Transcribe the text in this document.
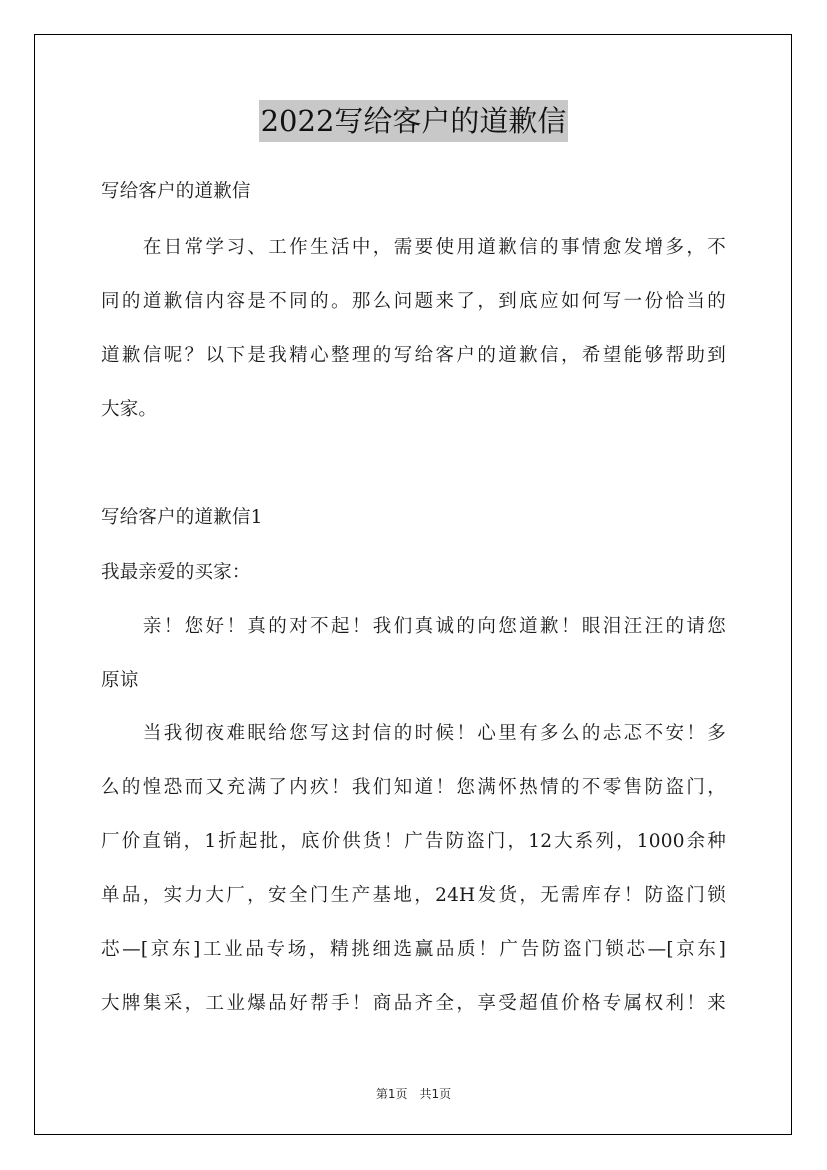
2022写给客户的道歉信
写给客户的道歉信
　　在日常学习、工作生活中，需要使用道歉信的事情愈发增多，不
同的道歉信内容是不同的。那么问题来了，到底应如何写一份恰当的
道歉信呢？以下是我精心整理的写给客户的道歉信，希望能够帮助到
大家。
写给客户的道歉信1
我最亲爱的买家：
　　亲！您好！真的对不起！我们真诚的向您道歉！眼泪汪汪的请您
原谅
　　当我彻夜难眠给您写这封信的时候！心里有多么的忐忑不安！多
么的惶恐而又充满了内疚！我们知道！您满怀热情的不零售防盗门，
厂价直销，1折起批，底价供货！广告防盗门，12大系列，1000余种
单品，实力大厂，安全门生产基地，24H发货，无需库存！防盗门锁
芯—[京东]工业品专场，精挑细选赢品质！广告防盗门锁芯—[京东]
大牌集采，工业爆品好帮手！商品齐全，享受超值价格专属权利！来
第1页　共1页
